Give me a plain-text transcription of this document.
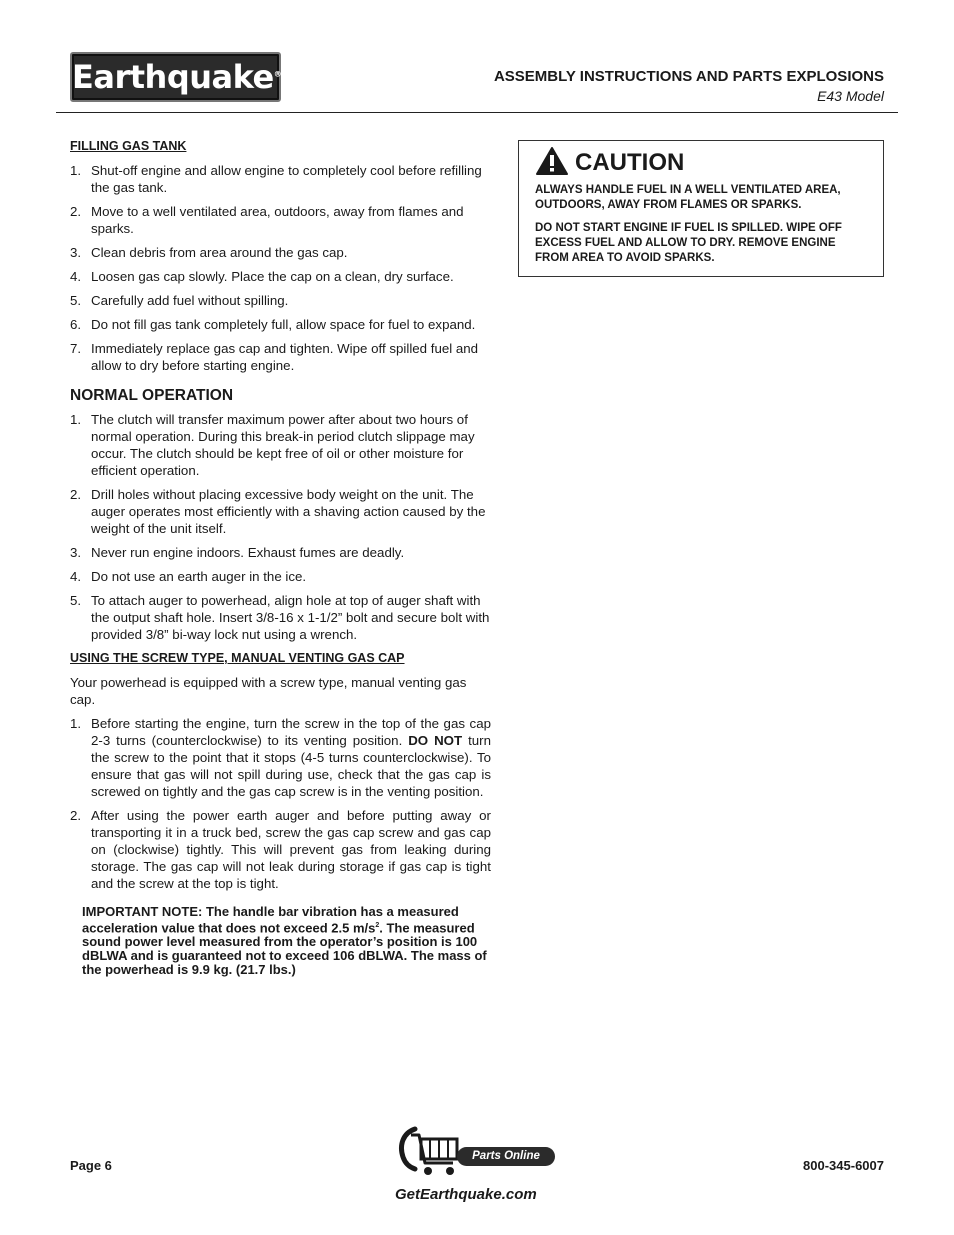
Earthquake®	ASSEMBLY INSTRUCTIONS AND PARTS EXPLOSIONS
E43 Model
FILLING GAS TANK
1. Shut-off engine and allow engine to completely cool before refilling the gas tank.
2. Move to a well ventilated area, outdoors, away from flames and sparks.
3. Clean debris from area around the gas cap.
4. Loosen gas cap slowly. Place the cap on a clean, dry surface.
5. Carefully add fuel without spilling.
6. Do not fill gas tank completely full, allow space for fuel to expand.
7. Immediately replace gas cap and tighten. Wipe off spilled fuel and allow to dry before starting engine.
NORMAL OPERATION
1. The clutch will transfer maximum power after about two hours of normal operation. During this break-in period clutch slippage may occur. The clutch should be kept free of oil or other moisture for efficient operation.
2. Drill holes without placing excessive body weight on the unit. The auger operates most efficiently with a shaving action caused by the weight of the unit itself.
3. Never run engine indoors. Exhaust fumes are deadly.
4. Do not use an earth auger in the ice.
5. To attach auger to powerhead, align hole at top of auger shaft with the output shaft hole. Insert 3/8-16 x 1-1/2” bolt and secure bolt with provided 3/8” bi-way lock nut using a wrench.
USING THE SCREW TYPE, MANUAL VENTING GAS CAP
Your powerhead is equipped with a screw type, manual venting gas cap.
1. Before starting the engine, turn the screw in the top of the gas cap 2-3 turns (counterclockwise) to its venting position. DO NOT turn the screw to the point that it stops (4-5 turns counterclockwise). To ensure that gas will not spill during use, check that the gas cap is screwed on tightly and the gas cap screw is in the venting position.
2. After using the power earth auger and before putting away or transporting it in a truck bed, screw the gas cap screw and gas cap on (clockwise) tightly. This will prevent gas from leaking during storage. The gas cap will not leak during storage if gas cap is tight and the screw at the top is tight.
IMPORTANT NOTE: The handle bar vibration has a measured acceleration value that does not exceed 2.5 $m/s^2$. The measured sound power level measured from the operator’s position is 100 dBLWA and is guaranteed not to exceed 106 dBLWA. The mass of the powerhead is 9.9 kg. (21.7 lbs.)
CAUTION

ALWAYS HANDLE FUEL IN A WELL VENTILATED AREA, OUTDOORS, AWAY FROM FLAMES OR SPARKS.

DO NOT START ENGINE IF FUEL IS SPILLED. WIPE OFF EXCESS FUEL AND ALLOW TO DRY. REMOVE ENGINE FROM AREA TO AVOID SPARKS.

Page 6	800-345-6007
Parts Online
GetEarthquake.com
